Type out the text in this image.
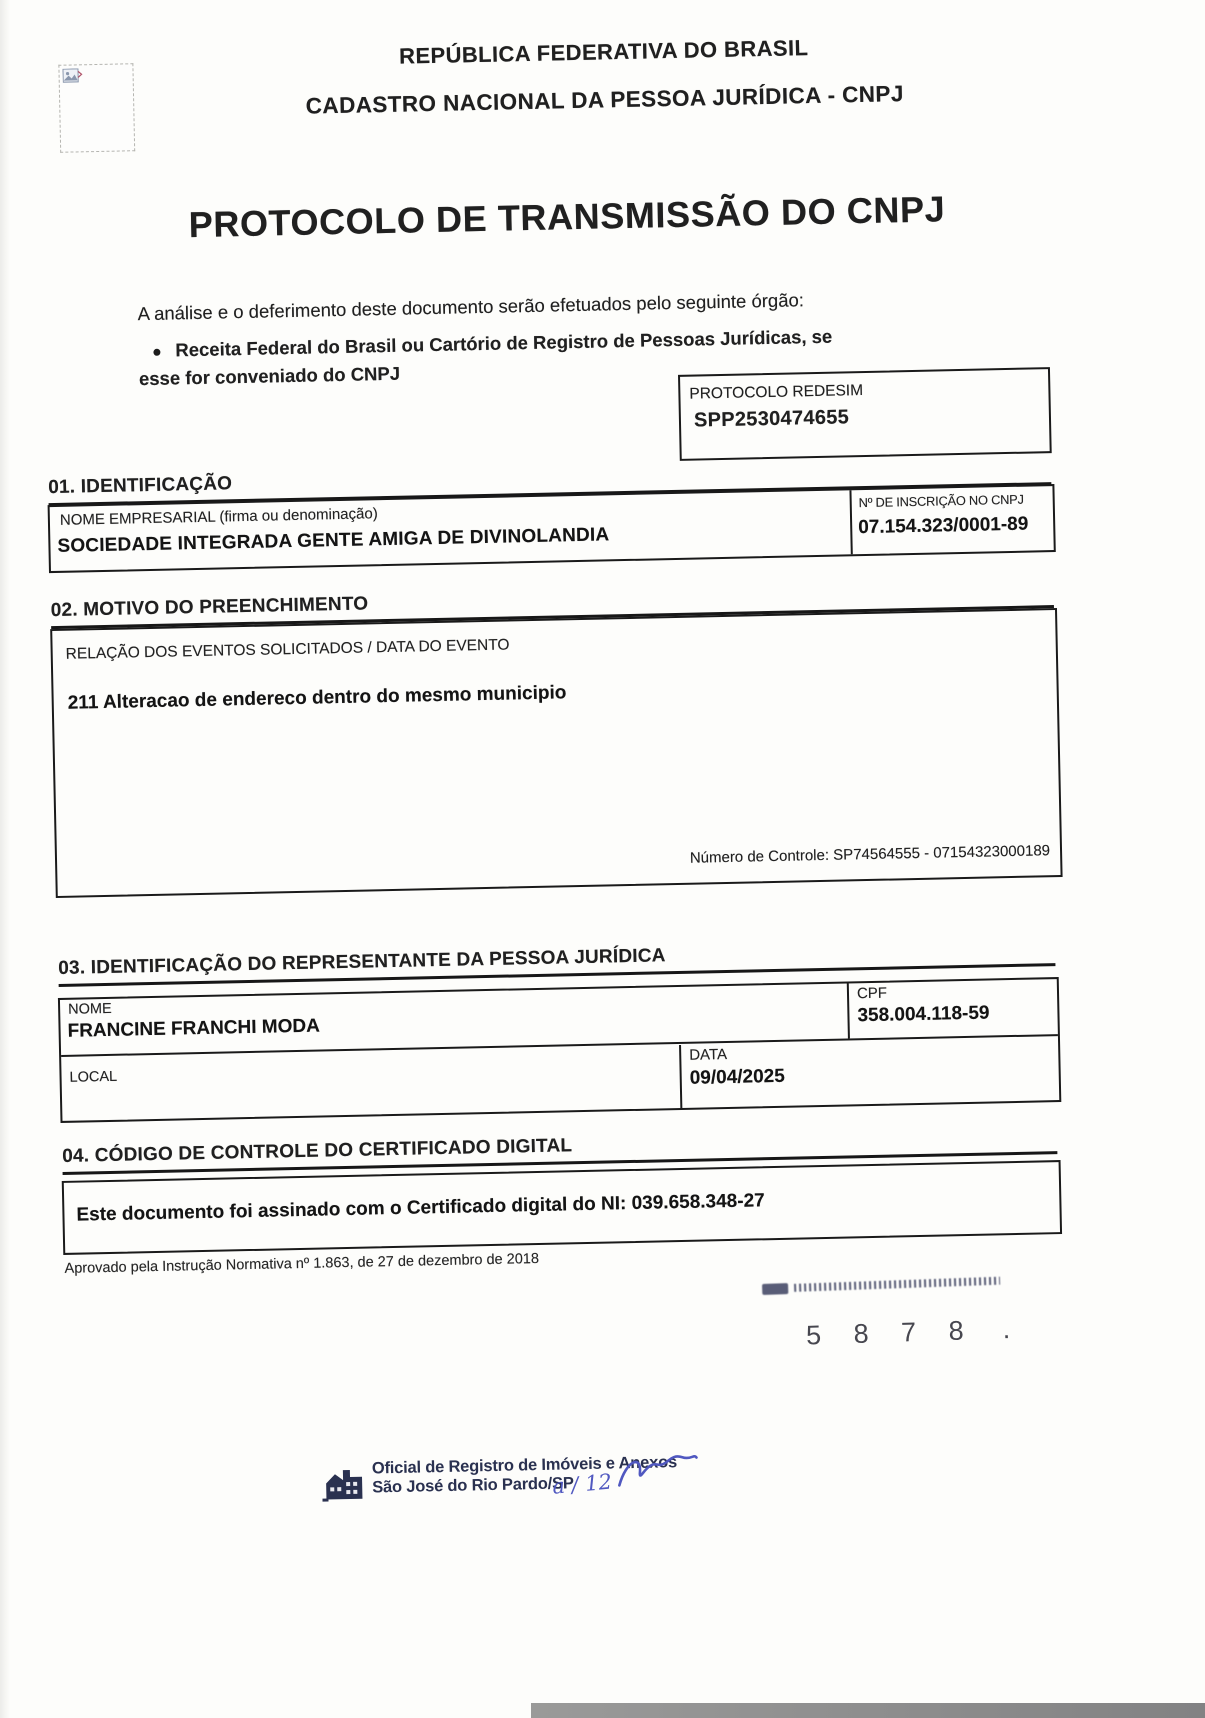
REPÚBLICA FEDERATIVA DO BRASIL
CADASTRO NACIONAL DA PESSOA JURÍDICA - CNPJ
PROTOCOLO DE TRANSMISSÃO DO CNPJ
A análise e o deferimento deste documento serão efetuados pelo seguinte órgão:
Receita Federal do Brasil ou Cartório de Registro de Pessoas Jurídicas, se
esse for conveniado do CNPJ
PROTOCOLO REDESIM
SPP2530474655
01. IDENTIFICAÇÃO
NOME EMPRESARIAL (firma ou denominação)
SOCIEDADE INTEGRADA GENTE AMIGA DE DIVINOLANDIA
Nº DE INSCRIÇÃO NO CNPJ
07.154.323/0001-89
02. MOTIVO DO PREENCHIMENTO
RELAÇÃO DOS EVENTOS SOLICITADOS / DATA DO EVENTO
211 Alteracao de endereco dentro do mesmo municipio
Número de Controle: SP74564555 - 07154323000189
03. IDENTIFICAÇÃO DO REPRESENTANTE DA PESSOA JURÍDICA
NOME
FRANCINE FRANCHI MODA
CPF
358.004.118-59
LOCAL
DATA
09/04/2025
04. CÓDIGO DE CONTROLE DO CERTIFICADO DIGITAL
Este documento foi assinado com o Certificado digital do NI: 039.658.348-27
Aprovado pela Instrução Normativa nº 1.863, de 27 de dezembro de 2018
5 8 7 8 .
Oficial de Registro de Imóveis e Anexos
São José do Rio Pardo/SP
a / 12
